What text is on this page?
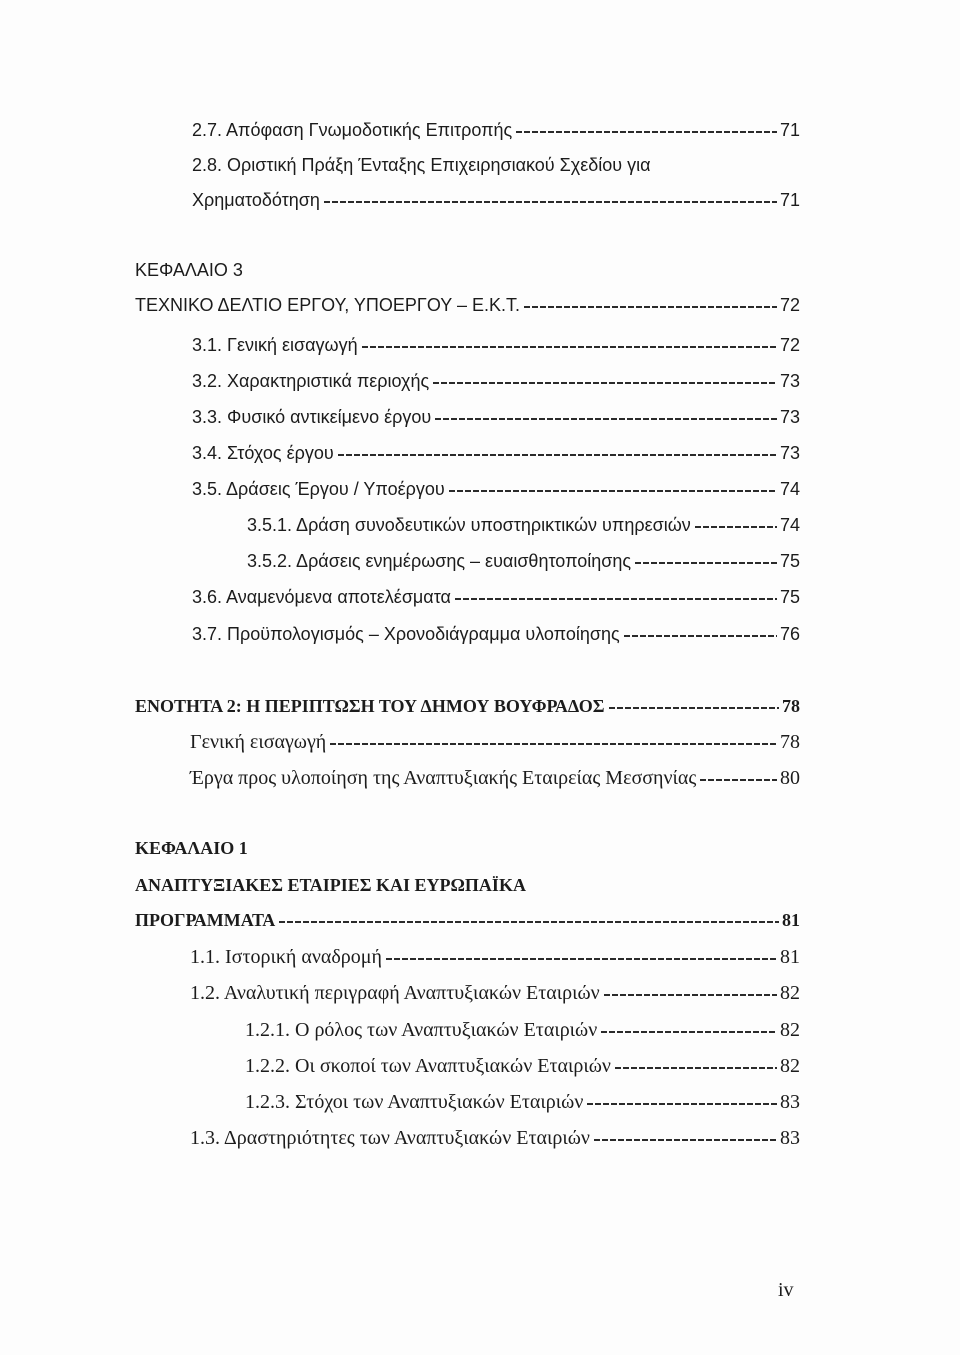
2.7. Απόφαση Γνωμοδοτικής Επιτροπής	71
2.8. Οριστική Πράξη Ένταξης Επιχειρησιακού Σχεδίου για
Χρηματοδότηση	71
ΚΕΦΑΛΑΙΟ 3
ΤΕΧΝΙΚΟ ΔΕΛΤΙΟ ΕΡΓΟΥ, ΥΠΟΕΡΓΟΥ – Ε.Κ.Τ.	72
3.1. Γενική εισαγωγή	72
3.2. Χαρακτηριστικά περιοχής	73
3.3. Φυσικό αντικείμενο έργου	73
3.4. Στόχος έργου	73
3.5. Δράσεις Έργου / Υποέργου	74
3.5.1. Δράση συνοδευτικών υποστηρικτικών υπηρεσιών	74
3.5.2. Δράσεις ενημέρωσης – ευαισθητοποίησης	75
3.6. Αναμενόμενα αποτελέσματα	75
3.7. Προϋπολογισμός – Χρονοδιάγραμμα υλοποίησης	76
ΕΝΟΤΗΤΑ 2: Η ΠΕΡΙΠΤΩΣΗ ΤΟΥ ΔΗΜΟΥ ΒΟΥΦΡΑΔΟΣ	78
Γενική εισαγωγή	78
Έργα προς υλοποίηση της Αναπτυξιακής Εταιρείας Μεσσηνίας	80
ΚΕΦΑΛΑΙΟ 1
ΑΝΑΠΤΥΞΙΑΚΕΣ ΕΤΑΙΡΙΕΣ ΚΑΙ ΕΥΡΩΠΑΪΚΑ
ΠΡΟΓΡΑΜΜΑΤΑ	81
1.1. Ιστορική αναδρομή	81
1.2. Αναλυτική περιγραφή Αναπτυξιακών Εταιριών	82
1.2.1. Ο ρόλος των Αναπτυξιακών Εταιριών	82
1.2.2. Οι σκοποί των Αναπτυξιακών Εταιριών	82
1.2.3. Στόχοι των Αναπτυξιακών Εταιριών	83
1.3. Δραστηριότητες των Αναπτυξιακών Εταιριών	83
iv
